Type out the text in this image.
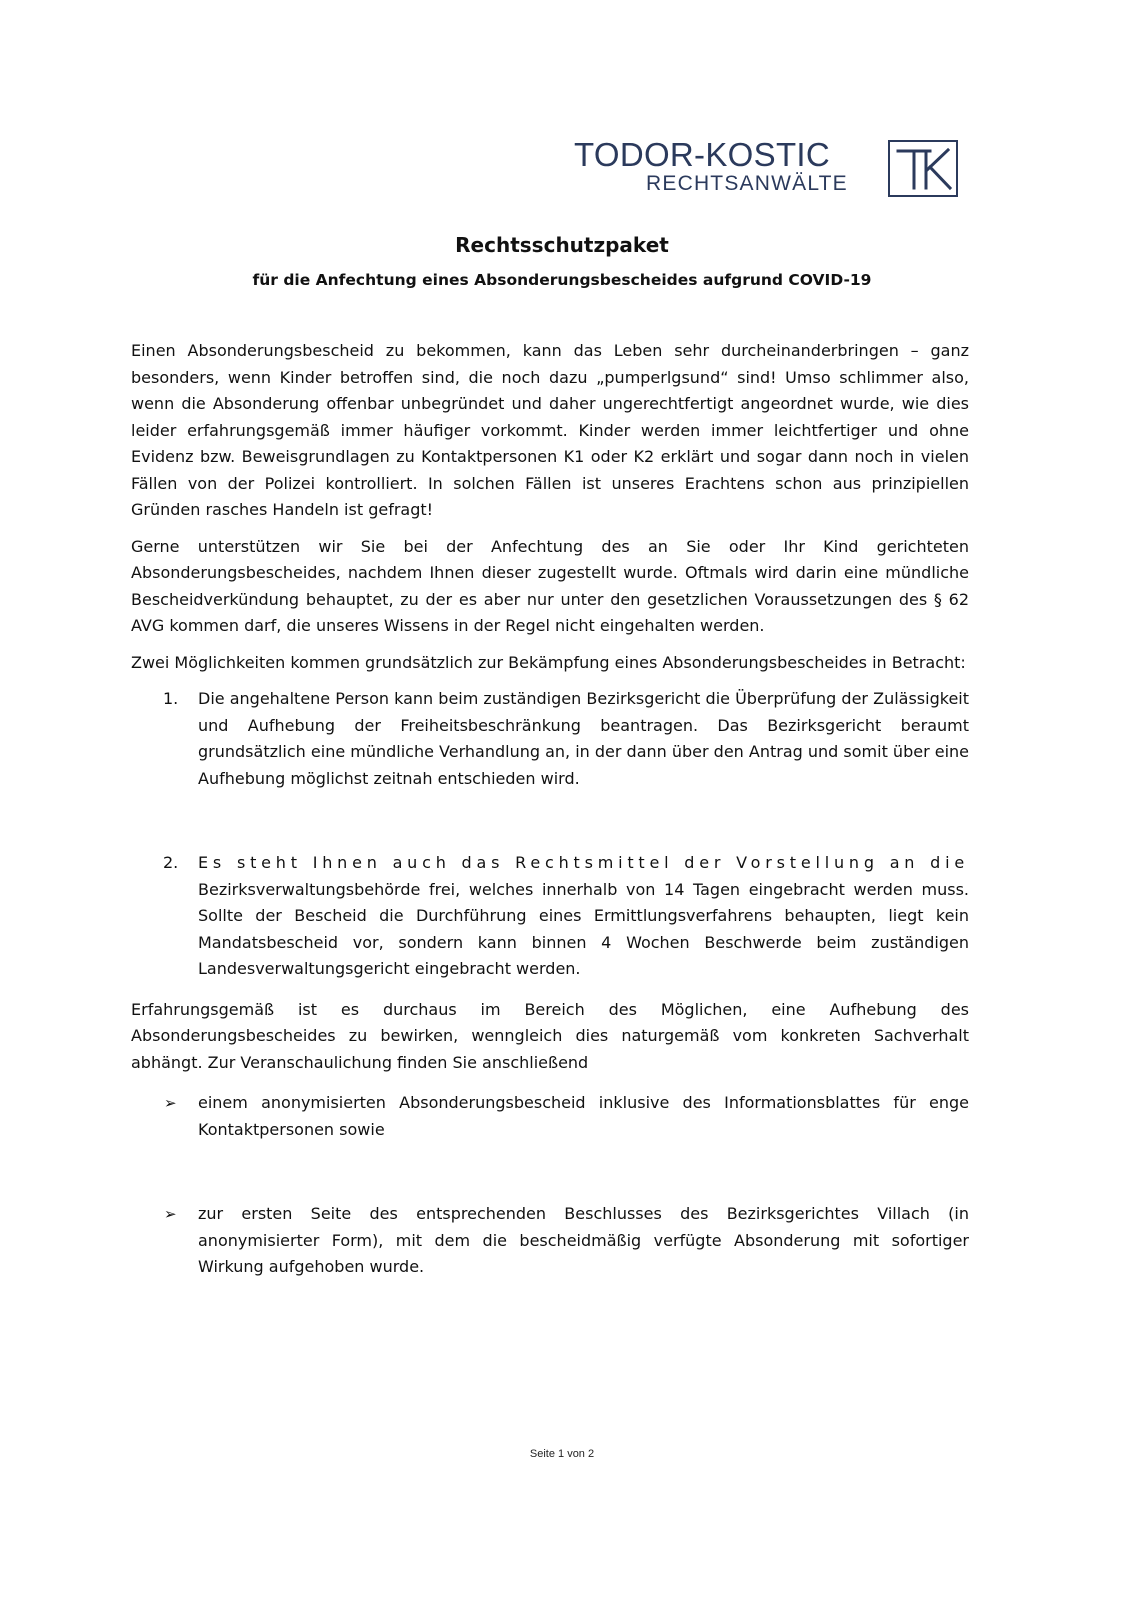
TODOR-KOSTIC
RECHTSANWÄLTE
Rechtsschutzpaket
für die Anfechtung eines Absonderungsbescheides aufgrund COVID-19

Einen Absonderungsbescheid zu bekommen, kann das Leben sehr durcheinanderbringen – ganz besonders, wenn Kinder betroffen sind, die noch dazu „pumperlgsund“ sind! Umso schlimmer also, wenn die Absonderung offenbar unbegründet und daher ungerechtfertigt angeordnet wurde, wie dies leider erfahrungsgemäß immer häufiger vorkommt. Kinder werden immer leichtfertiger und ohne Evidenz bzw. Beweisgrundlagen zu Kontaktpersonen K1 oder K2 erklärt und sogar dann noch in vielen Fällen von der Polizei kontrolliert. In solchen Fällen ist unseres Erachtens schon aus prinzipiellen Gründen rasches Handeln ist gefragt!

Gerne unterstützen wir Sie bei der Anfechtung des an Sie oder Ihr Kind gerichteten Absonderungsbescheides, nachdem Ihnen dieser zugestellt wurde. Oftmals wird darin eine mündliche Bescheidverkündung behauptet, zu der es aber nur unter den gesetzlichen Voraussetzungen des § 62 AVG kommen darf, die unseres Wissens in der Regel nicht eingehalten werden.

Zwei Möglichkeiten kommen grundsätzlich zur Bekämpfung eines Absonderungsbescheides in Betracht:

1. Die angehaltene Person kann beim zuständigen Bezirksgericht die Überprüfung der Zulässigkeit und Aufhebung der Freiheitsbeschränkung beantragen. Das Bezirksgericht beraumt grundsätzlich eine mündliche Verhandlung an, in der dann über den Antrag und somit über eine Aufhebung möglichst zeitnah entschieden wird.
2. Es steht Ihnen auch das Rechtsmittel der Vorstellung an die Bezirksverwaltungsbehörde frei, welches innerhalb von 14 Tagen eingebracht werden muss. Sollte der Bescheid die Durchführung eines Ermittlungsverfahrens behaupten, liegt kein Mandatsbescheid vor, sondern kann binnen 4 Wochen Beschwerde beim zuständigen Landesverwaltungsgericht eingebracht werden.

Erfahrungsgemäß ist es durchaus im Bereich des Möglichen, eine Aufhebung des Absonderungsbescheides zu bewirken, wenngleich dies naturgemäß vom konkreten Sachverhalt abhängt. Zur Veranschaulichung finden Sie anschließend

➢ einem anonymisierten Absonderungsbescheid inklusive des Informationsblattes für enge Kontaktpersonen sowie
➢ zur ersten Seite des entsprechenden Beschlusses des Bezirksgerichtes Villach (in anonymisierter Form), mit dem die bescheidmäßig verfügte Absonderung mit sofortiger Wirkung aufgehoben wurde.
Seite 1 von 2
